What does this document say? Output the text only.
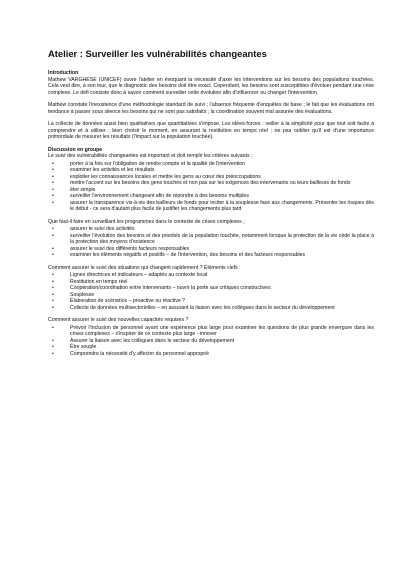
Atelier : Surveiller les vulnérabilités changeantes
Introduction

Mathew VARGHESE (UNICEF) ouvre l'atelier en évoquant la nécessité d'axer les interventions sur les besoins des populations touchées. Cela veut dire, à son tour, que le diagnostic des besoins doit être exact. Cependant, les besoins sont susceptibles d'évoluer pendant une crise complexe. Le défi consiste donc à savoir comment surveiller cette évolution afin d'influencer ou changer l'intervention.

Mathew constate l'inexistence d'une méthodologie standard de suivi ; l'absence fréquente d'enquêtes de base ; le fait que les évaluations ont tendance à passer sous silence les besoins qui ne sont pas satisfaits ; la coordination souvent mal assurée des évaluations.

La collecte de données aussi bien qualitatives que quantitatives s'impose. Les idées-forces : veiller à la simplicité pour que tout soit facile à comprendre et à utiliser ; bien choisir le moment, en assurant la restitution en temps réel ; ne pas oublier qu'il est d'une importance primordiale de mesurer les résultats (l'impact sur la population touchée).

Discussion en groupe

Le suivi des vulnérabilités changeantes est important et doit remplir les critères suivants :

•	porter à la fois sur l'obligation de rendre compte et la qualité de l'intervention
•	examiner les activités et les résultats
•	exploiter les connaissances locales et mettre les gens au cœur des préoccupations
•	mettre l'accent sur les besoins des gens touchés et non pas sur les exigences des intervenants ou leurs bailleurs de fonds
•	être simple
•	surveiller l'environnement changeant afin de répondre à des besoins multiples
•	assurer la transparence vis-à-vis des bailleurs de fonds pour inciter à la souplesse face aux changements. Présenter les risques dès le début - ce sera d'autant plus facile de justifier les changements plus tard

Que faut-il faire en surveillant les programmes dans le contexte de crises complexes ;

•	assurer le suivi des activités
•	surveiller l'évolution des besoins et des priorités de la population touchée, notamment lorsque la protection de la vie cède la place à la protection des moyens d'existence
•	assurer le suivi des différents facteurs responsables
•	examiner les éléments négatifs et positifs – de l'intervention, des besoins et des facteurs responsables

Comment assurer le suivi des situations qui changent rapidement ? Éléments clefs :

•	Lignes directrices et indicateurs – adaptés au contexte local
•	Restitution en temps réel
•	Coopération/coordination entre intervenants – ouvrir la porte aux critiques constructives
•	Souplesse
•	Élaboration de scénarios – proactive ou réactive ?
•	Collecte de données multisectorielles – en assurant la liaison avec les collègues dans le secteur du développement

Comment assurer le suivi des nouvelles capacités requises ?

•	Prévoir l'inclusion de personnel ayant une expérience plus large pour examiner les questions de plus grande envergure dans les crises complexes – s'inspirer de ce contexte plus large - innover
•	Assurer la liaison avec les collègues dans le secteur du développement
•	Être souple
•	Comprendre la nécessité d'y affecter du personnel approprié
